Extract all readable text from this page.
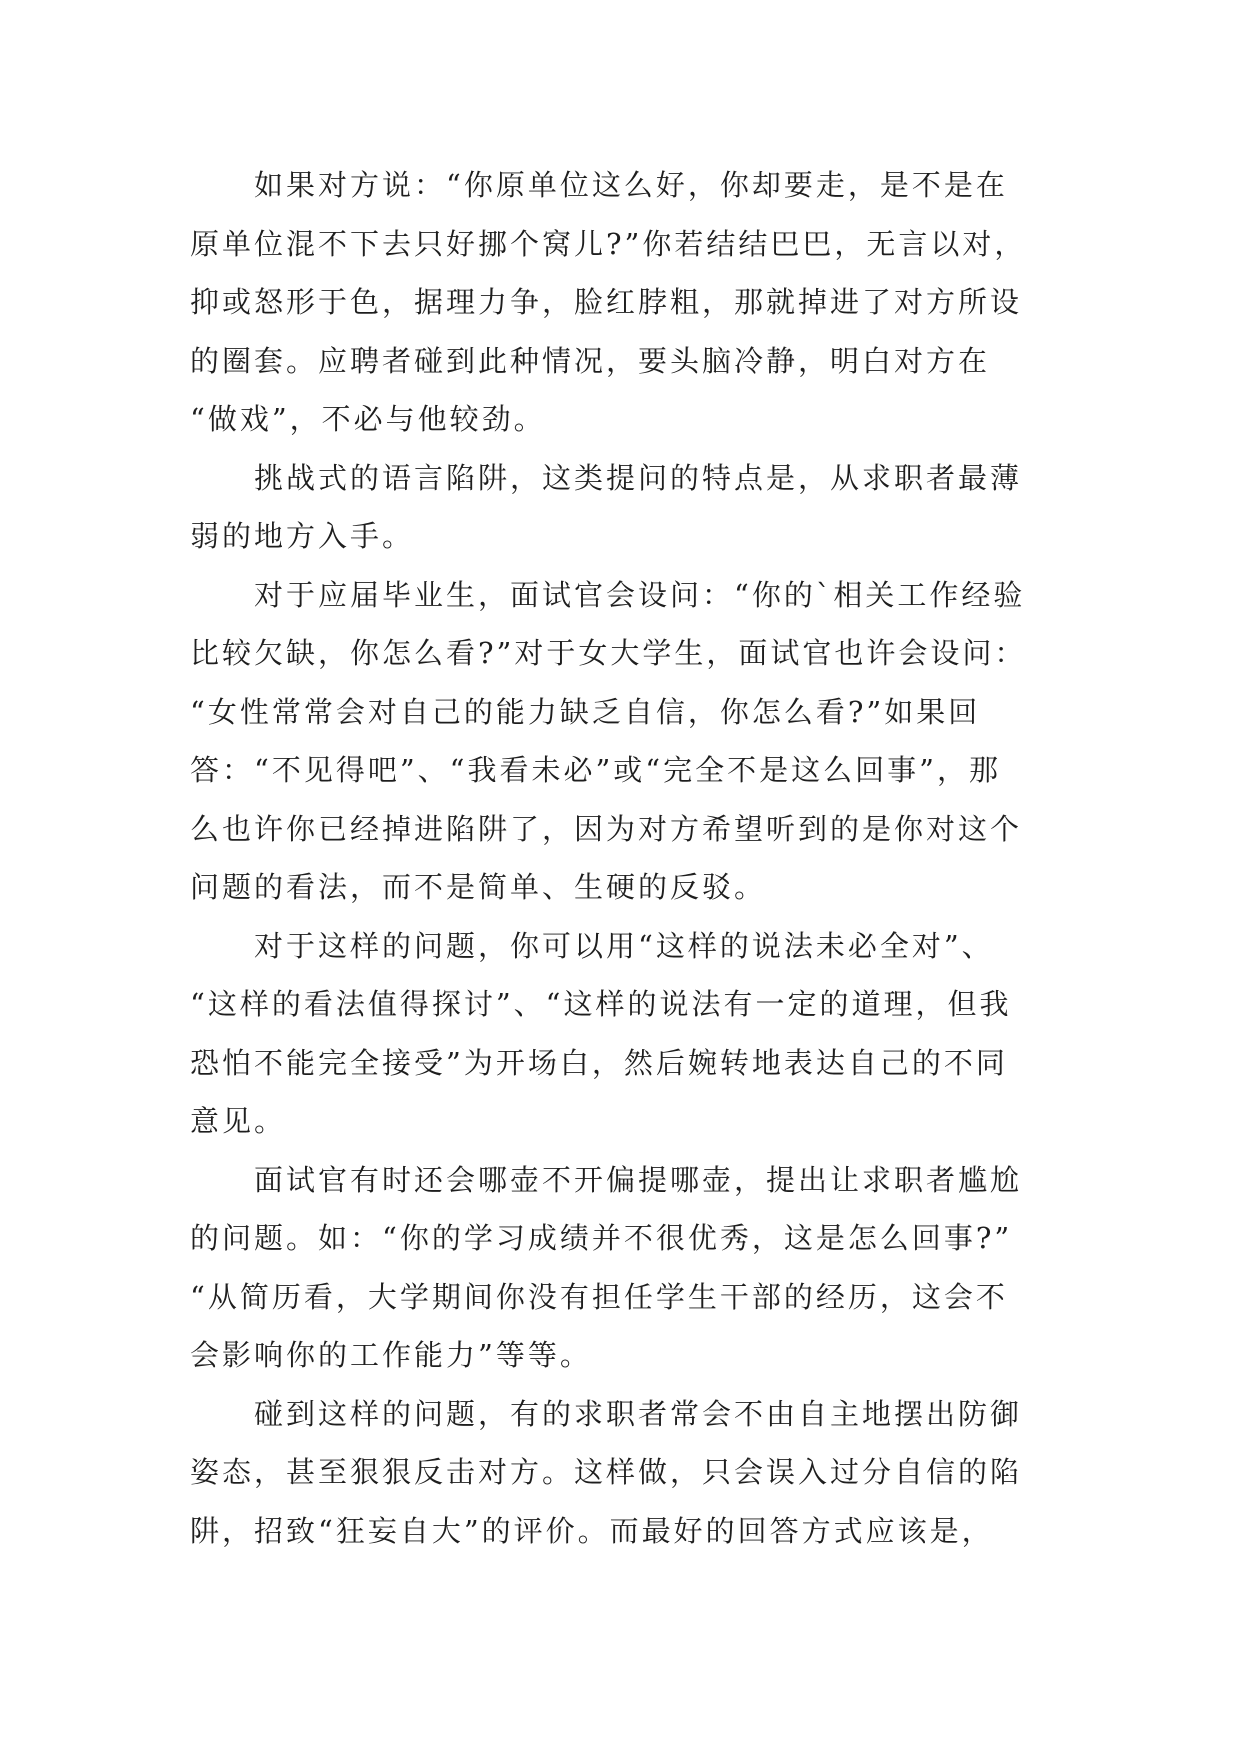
如果对方说：“你原单位这么好，你却要走，是不是在
原单位混不下去只好挪个窝儿?”你若结结巴巴，无言以对，
抑或怒形于色，据理力争，脸红脖粗，那就掉进了对方所设
的圈套。应聘者碰到此种情况，要头脑冷静，明白对方在
“做戏”，不必与他较劲。

挑战式的语言陷阱，这类提问的特点是，从求职者最薄
弱的地方入手。

对于应届毕业生，面试官会设问：“你的`相关工作经验
比较欠缺，你怎么看?”对于女大学生，面试官也许会设问：
“女性常常会对自己的能力缺乏自信，你怎么看?”如果回
答：“不见得吧”、“我看未必”或“完全不是这么回事”，那
么也许你已经掉进陷阱了，因为对方希望听到的是你对这个
问题的看法，而不是简单、生硬的反驳。

对于这样的问题，你可以用“这样的说法未必全对”、
“这样的看法值得探讨”、“这样的说法有一定的道理，但我
恐怕不能完全接受”为开场白，然后婉转地表达自己的不同
意见。

面试官有时还会哪壶不开偏提哪壶，提出让求职者尴尬
的问题。如：“你的学习成绩并不很优秀，这是怎么回事?”
“从简历看，大学期间你没有担任学生干部的经历，这会不
会影响你的工作能力”等等。

碰到这样的问题，有的求职者常会不由自主地摆出防御
姿态，甚至狠狠反击对方。这样做，只会误入过分自信的陷
阱，招致“狂妄自大”的评价。而最好的回答方式应该是，
